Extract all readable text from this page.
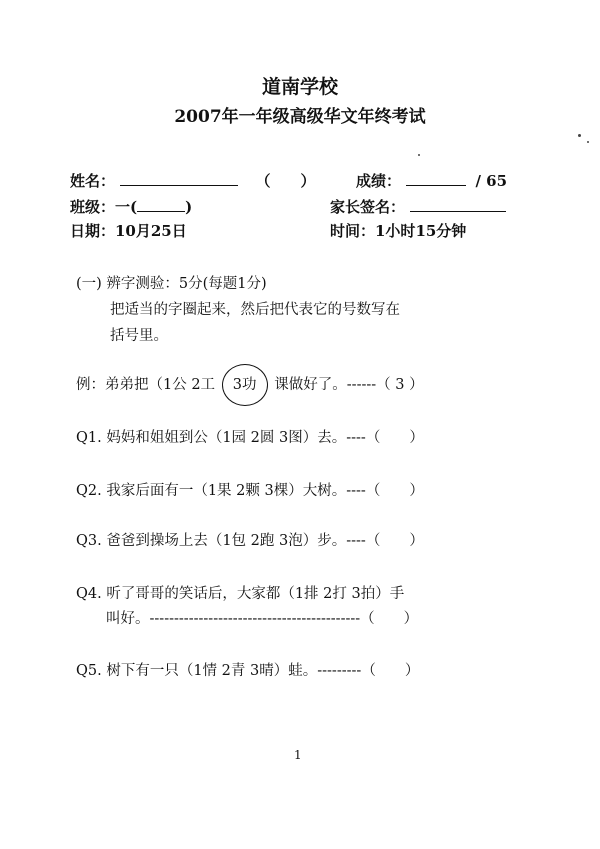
道南学校
2007年一年级高级华文年终考试
姓名：	（　　）	成绩：	/ 65
班级：一(	)	家长签名：
日期：10月25日	时间：1小时15分钟
(一) 辨字测验：5分(每题1分)
把适当的字圈起来，然后把代表它的号数写在
括号里。
例：弟弟把（1公 2工 3功 课做好了。------（ 3 ）
Q1. 妈妈和姐姐到公（1园 2圆 3图）去。----（　　）
Q2. 我家后面有一（1果 2颗 3棵）大树。----（　　）
Q3. 爸爸到操场上去（1包 2跑 3泡）步。----（　　）
Q4. 听了哥哥的笑话后，大家都（1排 2打 3拍）手
叫好。-------------------------------------------（　　）
Q5. 树下有一只（1情 2青 3晴）蛙。---------（　　）
1
